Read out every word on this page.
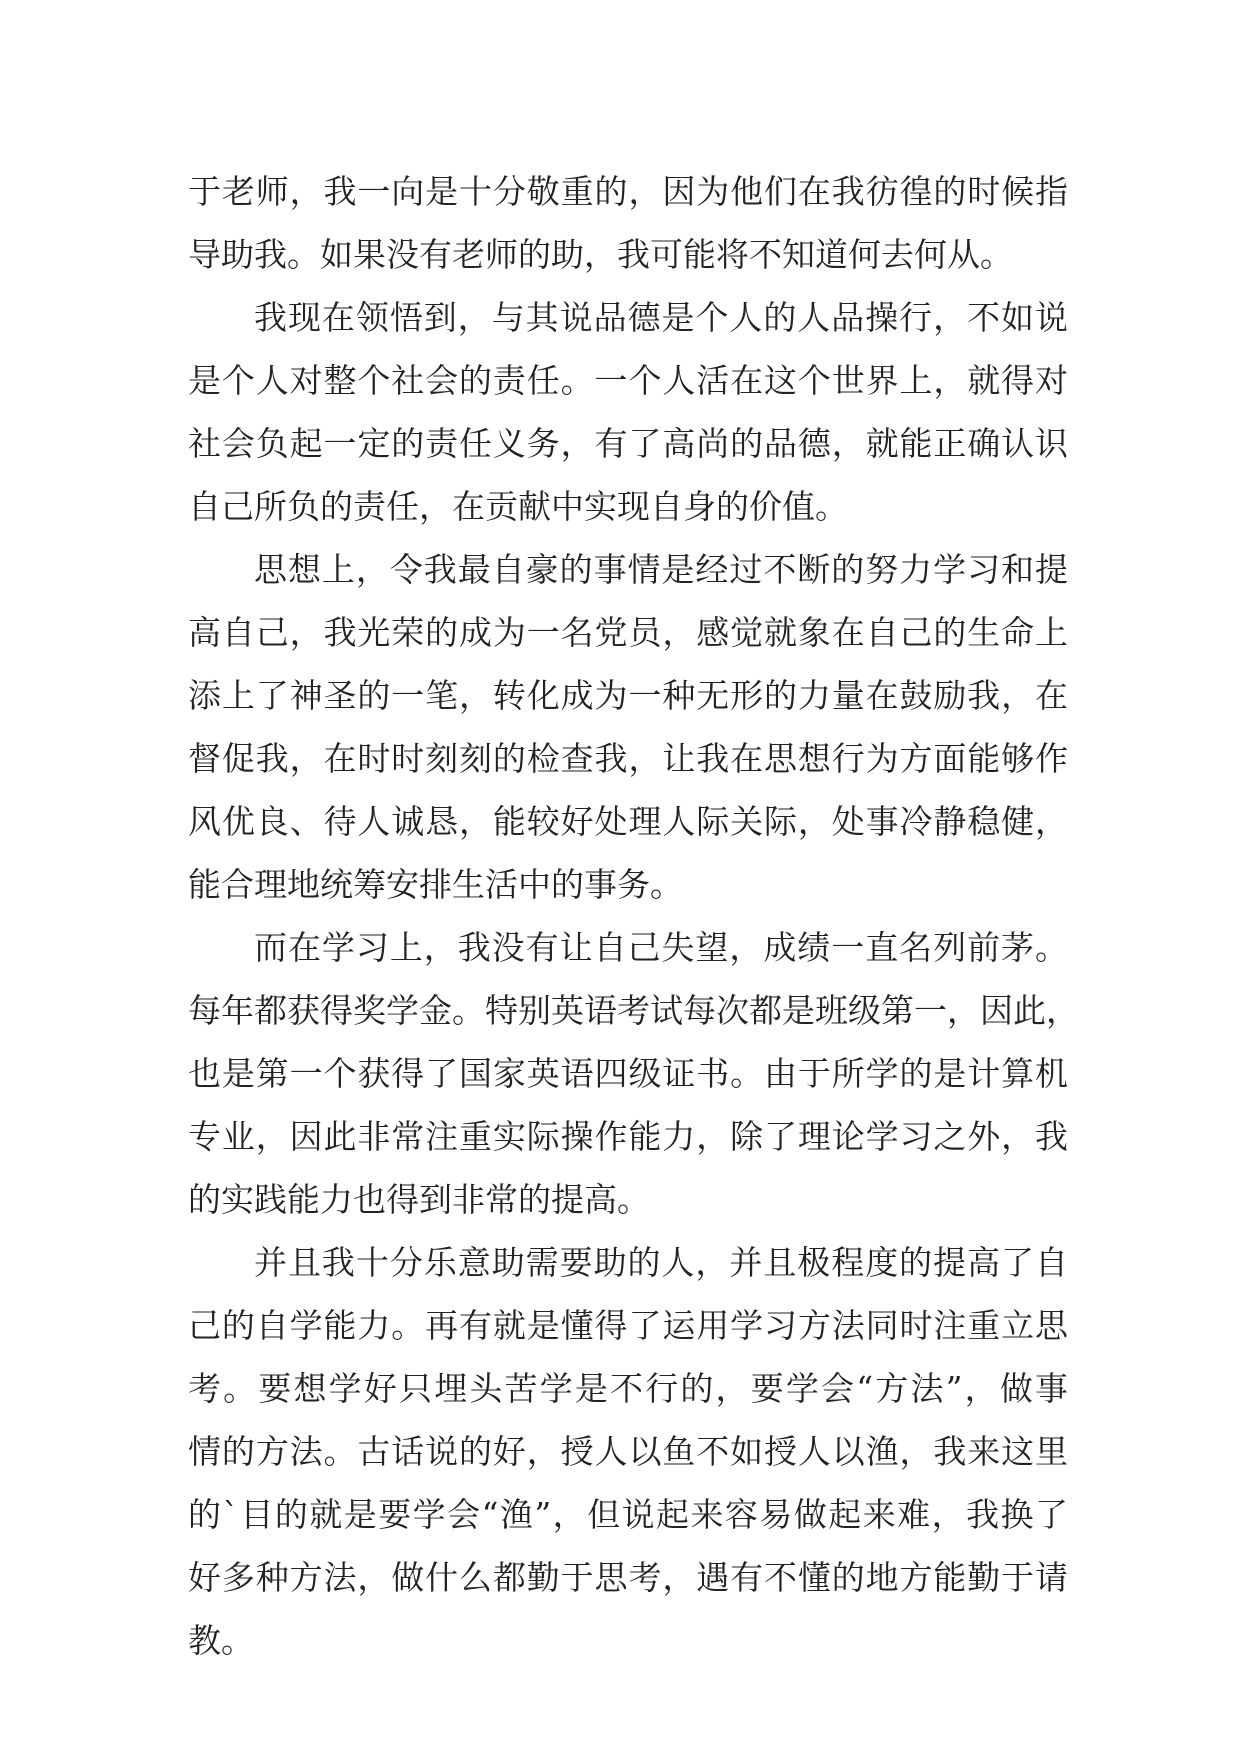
于老师，我一向是十分敬重的，因为他们在我彷徨的时候指
导助我。如果没有老师的助，我可能将不知道何去何从。
我现在领悟到，与其说品德是个人的人品操行，不如说
是个人对整个社会的责任。一个人活在这个世界上，就得对
社会负起一定的责任义务，有了高尚的品德，就能正确认识
自己所负的责任，在贡献中实现自身的价值。
思想上，令我最自豪的事情是经过不断的努力学习和提
高自己，我光荣的成为一名党员，感觉就象在自己的生命上
添上了神圣的一笔，转化成为一种无形的力量在鼓励我，在
督促我，在时时刻刻的检查我，让我在思想行为方面能够作
风优良、待人诚恳，能较好处理人际关际，处事冷静稳健，
能合理地统筹安排生活中的事务。
而在学习上，我没有让自己失望，成绩一直名列前茅。
每年都获得奖学金。特别英语考试每次都是班级第一，因此，
也是第一个获得了国家英语四级证书。由于所学的是计算机
专业，因此非常注重实际操作能力，除了理论学习之外，我
的实践能力也得到非常的提高。
并且我十分乐意助需要助的人，并且极程度的提高了自
己的自学能力。再有就是懂得了运用学习方法同时注重立思
考。要想学好只埋头苦学是不行的，要学会“方法”，做事
情的方法。古话说的好，授人以鱼不如授人以渔，我来这里
的`目的就是要学会“渔”，但说起来容易做起来难，我换了
好多种方法，做什么都勤于思考，遇有不懂的地方能勤于请
教。
